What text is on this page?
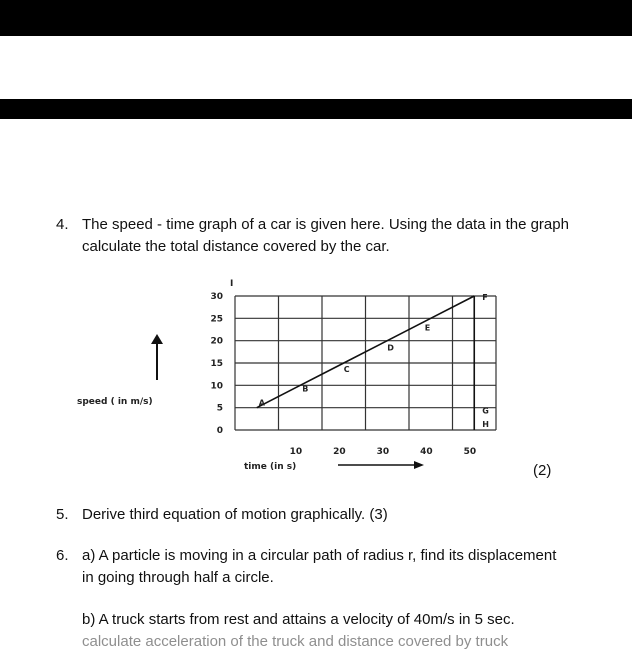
4. The speed - time graph of a car is given here. Using the data in the graph
calculate the total distance covered by the car.
0
5
10
15
20
25
30
10	20	30	40	50
A
B
C
D
E
F
G
H
I
speed ( in m/s)
time (in s)	(2)
5. Derive third equation of motion graphically. (3)
6. a) A particle is moving in a circular path of radius r, find its displacement
in going through half a circle.
b) A truck starts from rest and attains a velocity of 40m/s in 5 sec.
calculate acceleration of the truck and distance covered by truck
